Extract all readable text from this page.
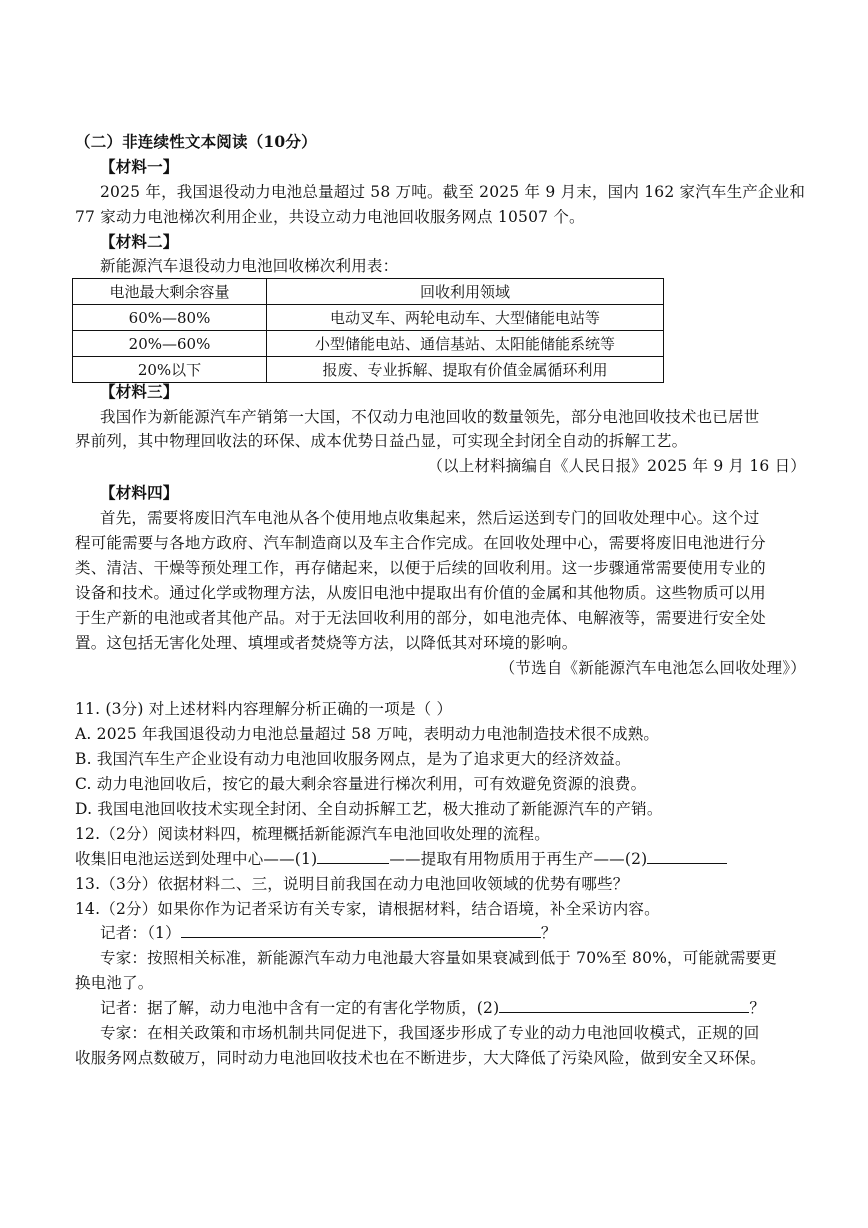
（二）非连续性文本阅读（10分）
【材料一】
2025 年，我国退役动力电池总量超过 58 万吨。截至 2025 年 9 月末，国内 162 家汽车生产企业和
77 家动力电池梯次利用企业，共设立动力电池回收服务网点 10507 个。
【材料二】
新能源汽车退役动力电池回收梯次利用表：
电池最大剩余容量	回收利用领域
60%—80%	电动叉车、两轮电动车、大型储能电站等
20%—60%	小型储能电站、通信基站、太阳能储能系统等
20%以下	报废、专业拆解、提取有价值金属循环利用
【材料三】
我国作为新能源汽车产销第一大国，不仅动力电池回收的数量领先，部分电池回收技术也已居世
界前列，其中物理回收法的环保、成本优势日益凸显，可实现全封闭全自动的拆解工艺。
（以上材料摘编自《人民日报》2025 年 9 月 16 日）
【材料四】
首先，需要将废旧汽车电池从各个使用地点收集起来，然后运送到专门的回收处理中心。这个过
程可能需要与各地方政府、汽车制造商以及车主合作完成。在回收处理中心，需要将废旧电池进行分
类、清洁、干燥等预处理工作，再存储起来，以便于后续的回收利用。这一步骤通常需要使用专业的
设备和技术。通过化学或物理方法，从废旧电池中提取出有价值的金属和其他物质。这些物质可以用
于生产新的电池或者其他产品。对于无法回收利用的部分，如电池壳体、电解液等，需要进行安全处
置。这包括无害化处理、填埋或者焚烧等方法，以降低其对环境的影响。
（节选自《新能源汽车电池怎么回收处理》）
11. (3分) 对上述材料内容理解分析正确的一项是（ ）
A. 2025 年我国退役动力电池总量超过 58 万吨，表明动力电池制造技术很不成熟。
B. 我国汽车生产企业设有动力电池回收服务网点，是为了追求更大的经济效益。
C. 动力电池回收后，按它的最大剩余容量进行梯次利用，可有效避免资源的浪费。
D. 我国电池回收技术实现全封闭、全自动拆解工艺，极大推动了新能源汽车的产销。
12.（2分）阅读材料四，梳理概括新能源汽车电池回收处理的流程。
收集旧电池运送到处理中心——(1)	——提取有用物质用于再生产——(2)
13.（3分）依据材料二、三，说明目前我国在动力电池回收领域的优势有哪些？
14.（2分）如果你作为记者采访有关专家，请根据材料，结合语境，补全采访内容。
记者：（1）	？
专家：按照相关标准，新能源汽车动力电池最大容量如果衰减到低于 70%至 80%，可能就需要更
换电池了。
记者：据了解，动力电池中含有一定的有害化学物质，(2)	？
专家：在相关政策和市场机制共同促进下，我国逐步形成了专业的动力电池回收模式，正规的回
收服务网点数破万，同时动力电池回收技术也在不断进步，大大降低了污染风险，做到安全又环保。
